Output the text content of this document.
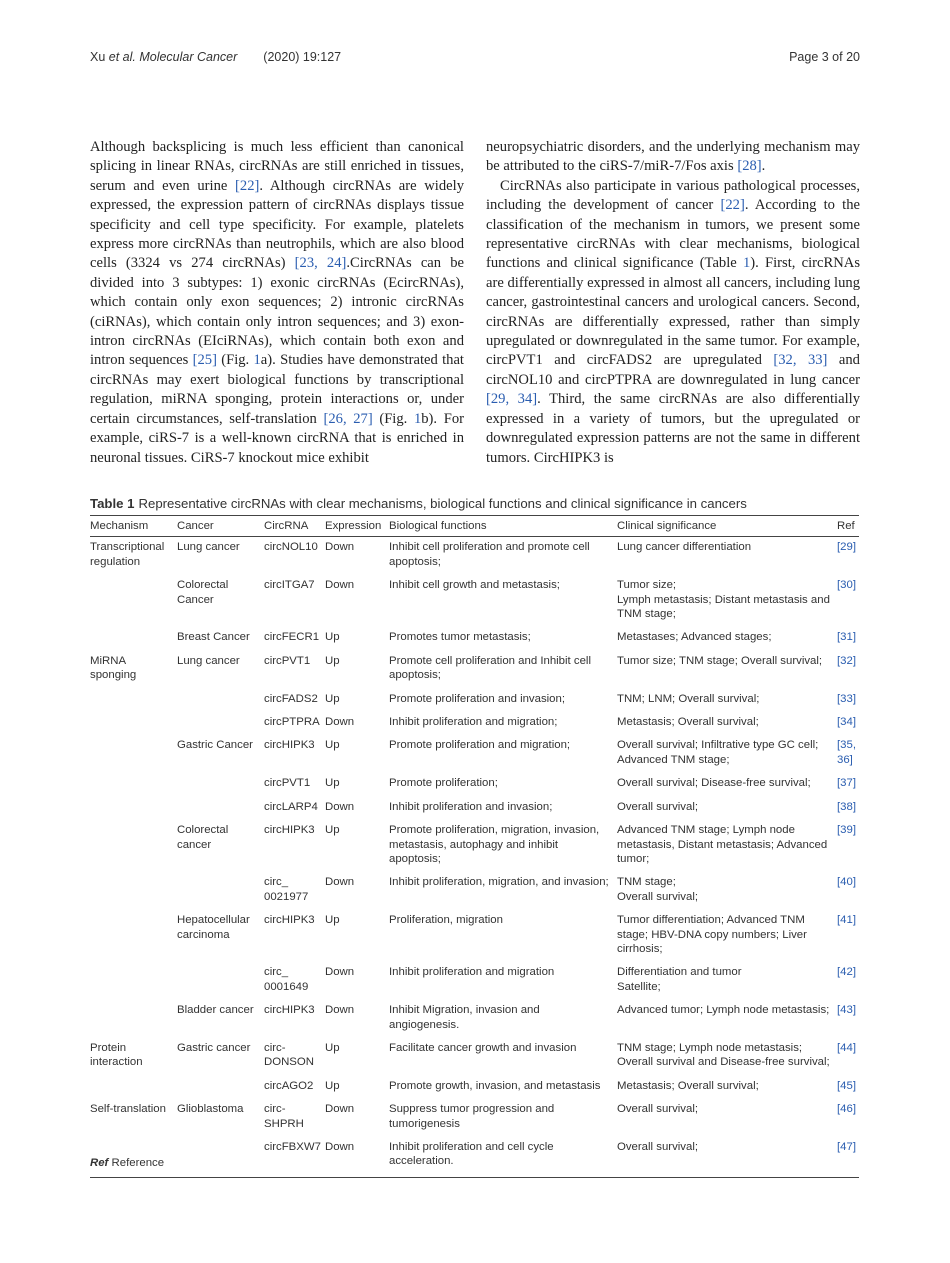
Xu et al. Molecular Cancer (2020) 19:127	Page 3 of 20

Although backsplicing is much less efficient than canonical splicing in linear RNAs, circRNAs are still enriched in tissues, serum and even urine [22]. Although circRNAs are widely expressed, the expression pattern of circRNAs displays tissue specificity and cell type specificity. For example, platelets express more circRNAs than neutrophils, which are also blood cells (3324 vs 274 circRNAs) [23, 24].CircRNAs can be divided into 3 subtypes: 1) exonic circRNAs (EcircRNAs), which contain only exon sequences; 2) intronic circRNAs (ciRNAs), which contain only intron sequences; and 3) exon-intron circRNAs (EIciRNAs), which contain both exon and intron sequences [25] (Fig. 1a). Studies have demonstrated that circRNAs may exert biological functions by transcriptional regulation, miRNA sponging, protein interactions or, under certain circumstances, self-translation [26, 27] (Fig. 1b). For example, ciRS-7 is a well-known circRNA that is enriched in neuronal tissues. CiRS-7 knockout mice exhibit

neuropsychiatric disorders, and the underlying mechanism may be attributed to the ciRS-7/miR-7/Fos axis [28].

CircRNAs also participate in various pathological processes, including the development of cancer [22]. According to the classification of the mechanism in tumors, we present some representative circRNAs with clear mechanisms, biological functions and clinical significance (Table 1). First, circRNAs are differentially expressed in almost all cancers, including lung cancer, gastrointestinal cancers and urological cancers. Second, circRNAs are differentially expressed, rather than simply upregulated or downregulated in the same tumor. For example, circPVT1 and circFADS2 are upregulated [32, 33] and circNOL10 and circPTPRA are downregulated in lung cancer [29, 34]. Third, the same circRNAs are also differentially expressed in a variety of tumors, but the upregulated or downregulated expression patterns are not the same in different tumors. CircHIPK3 is

Table 1 Representative circRNAs with clear mechanisms, biological functions and clinical significance in cancers
Mechanism	Cancer	CircRNA	Expression	Biological functions	Clinical significance	Ref
Transcriptional regulation	Lung cancer	circNOL10	Down	Inhibit cell proliferation and promote cell apoptosis;	Lung cancer differentiation	[29]
	Colorectal Cancer	circITGA7	Down	Inhibit cell growth and metastasis;	Tumor size;
Lymph metastasis; Distant metastasis and TNM stage;	[30]
	Breast Cancer	circFECR1	Up	Promotes tumor metastasis;	Metastases; Advanced stages;	[31]
MiRNA sponging	Lung cancer	circPVT1	Up	Promote cell proliferation and Inhibit cell apoptosis;	Tumor size; TNM stage; Overall survival;	[32]
		circFADS2	Up	Promote proliferation and invasion;	TNM; LNM; Overall survival;	[33]
		circPTPRA	Down	Inhibit proliferation and migration;	Metastasis; Overall survival;	[34]
	Gastric Cancer	circHIPK3	Up	Promote proliferation and migration;	Overall survival; Infiltrative type GC cell; Advanced TNM stage;	[35, 36]
		circPVT1	Up	Promote proliferation;	Overall survival; Disease-free survival;	[37]
		circLARP4	Down	Inhibit proliferation and invasion;	Overall survival;	[38]
	Colorectal cancer	circHIPK3	Up	Promote proliferation, migration, invasion, metastasis, autophagy and inhibit apoptosis;	Advanced TNM stage; Lymph node metastasis, Distant metastasis; Advanced tumor;	[39]
		circ_ 0021977	Down	Inhibit proliferation, migration, and invasion;	TNM stage;
Overall survival;	[40]
	Hepatocellular carcinoma	circHIPK3	Up	Proliferation, migration	Tumor differentiation; Advanced TNM stage; HBV-DNA copy numbers; Liver cirrhosis;	[41]
		circ_ 0001649	Down	Inhibit proliferation and migration	Differentiation and tumor
Satellite;	[42]
	Bladder cancer	circHIPK3	Down	Inhibit Migration, invasion and angiogenesis.	Advanced tumor; Lymph node metastasis;	[43]
Protein interaction	Gastric cancer	circ-DONSON	Up	Facilitate cancer growth and invasion	TNM stage; Lymph node metastasis;
Overall survival and Disease-free survival;	[44]
		circAGO2	Up	Promote growth, invasion, and metastasis	Metastasis; Overall survival;	[45]
Self-translation	Glioblastoma	circ-SHPRH	Down	Suppress tumor progression and tumorigenesis	Overall survival;	[46]
		circFBXW7	Down	Inhibit proliferation and cell cycle acceleration.	Overall survival;	[47]
Ref Reference
